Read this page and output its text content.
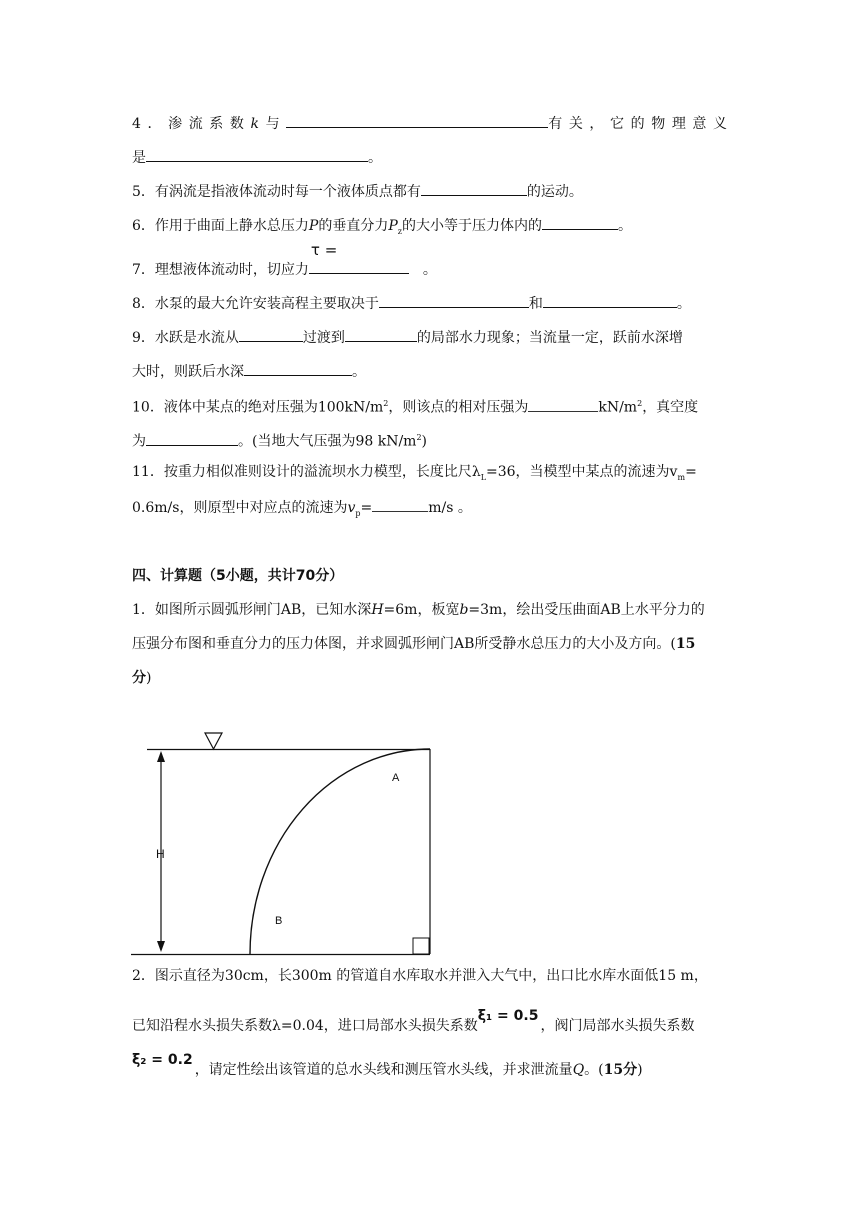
4．渗流系数k与	有关，它的物理意义
是	。
5．有涡流是指液体流动时每一个液体质点都有	的运动。
6．作用于曲面上静水总压力P的垂直分力$P_z$的大小等于压力体内的	。
7．理想液体流动时，切应力
τ =
。
8．水泵的最大允许安装高程主要取决于	和	。
9．水跃是水流从	过渡到	的局部水力现象；当流量一定，跃前水深增
大时，则跃后水深	。
10．液体中某点的绝对压强为$100kN/m^2$，则该点的相对压强为	$kN/m^2$，真空度
为	。(当地大气压强为98 $kN/m^2$)
11．按重力相似准则设计的溢流坝水力模型，长度比尺$\lambda_L=36$，当模型中某点的流速为$v_m=$
0.6m/s，则原型中对应点的流速为$v_p=$	m/s 。
四、计算题（5小题，共计70分）
1．如图所示圆弧形闸门AB，已知水深H=6m，板宽b=3m，绘出受压曲面AB上水平分力的
压强分布图和垂直分力的压力体图，并求圆弧形闸门AB所受静水总压力的大小及方向。(15
分)
H
A
B
2．图示直径为30cm，长300m 的管道自水库取水并泄入大气中，出口比水库水面低15 m，
已知沿程水头损失系数λ=0.04，进口局部水头损失系数ξ₁ = 0.5，阀门局部水头损失系数
ξ₂ = 0.2，请定性绘出该管道的总水头线和测压管水头线，并求泄流量Q。(15分)
